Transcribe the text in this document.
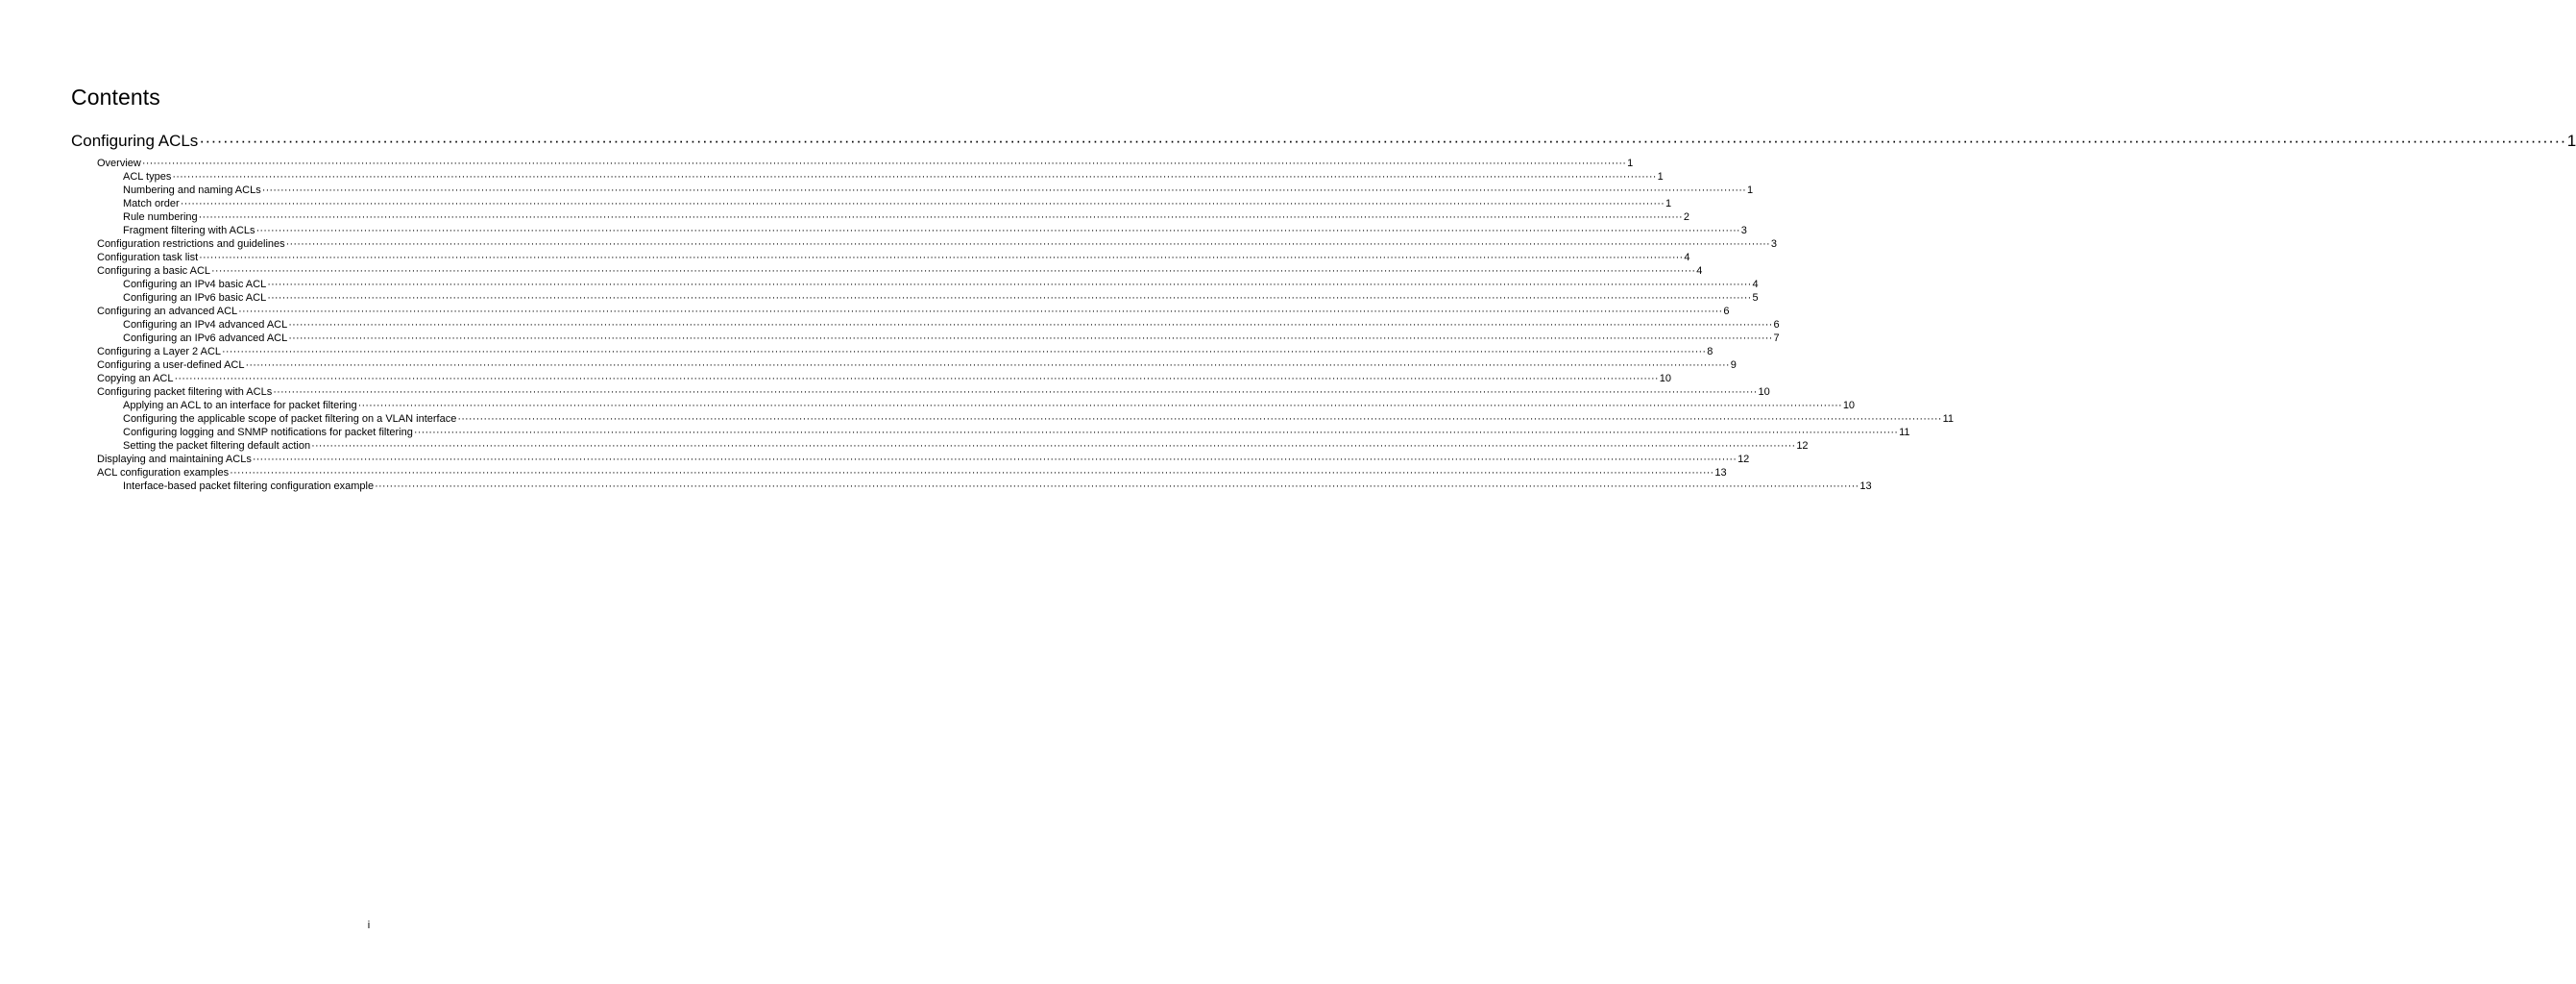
Contents
Configuring ACLs ················································································································································································································································································································································································································ 1
Overview ················································································································································································································································································································································································································ 1
ACL types ················································································································································································································································································································································································································ 1
Numbering and naming ACLs ················································································································································································································································································································································································································ 1
Match order ················································································································································································································································································································································································································ 1
Rule numbering ················································································································································································································································································································································································································ 2
Fragment filtering with ACLs ················································································································································································································································································································································································································ 3
Configuration restrictions and guidelines ················································································································································································································································································································································································································ 3
Configuration task list ················································································································································································································································································································································································································ 4
Configuring a basic ACL ················································································································································································································································································································································································································ 4
Configuring an IPv4 basic ACL ················································································································································································································································································································································································································ 4
Configuring an IPv6 basic ACL ················································································································································································································································································································································································································ 5
Configuring an advanced ACL ················································································································································································································································································································································································································ 6
Configuring an IPv4 advanced ACL ················································································································································································································································································································································································································ 6
Configuring an IPv6 advanced ACL ················································································································································································································································································································································································································ 7
Configuring a Layer 2 ACL ················································································································································································································································································································································································································ 8
Configuring a user-defined ACL ················································································································································································································································································································································································································ 9
Copying an ACL ················································································································································································································································································································································································································ 10
Configuring packet filtering with ACLs ················································································································································································································································································································································································································ 10
Applying an ACL to an interface for packet filtering ················································································································································································································································································································································································································ 10
Configuring the applicable scope of packet filtering on a VLAN interface ················································································································································································································································································································································································································ 11
Configuring logging and SNMP notifications for packet filtering ················································································································································································································································································································································································································ 11
Setting the packet filtering default action ················································································································································································································································································································································································································ 12
Displaying and maintaining ACLs ················································································································································································································································································································································································································ 12
ACL configuration examples ················································································································································································································································································································································································································ 13
Interface-based packet filtering configuration example ················································································································································································································································································································································································································ 13
i
